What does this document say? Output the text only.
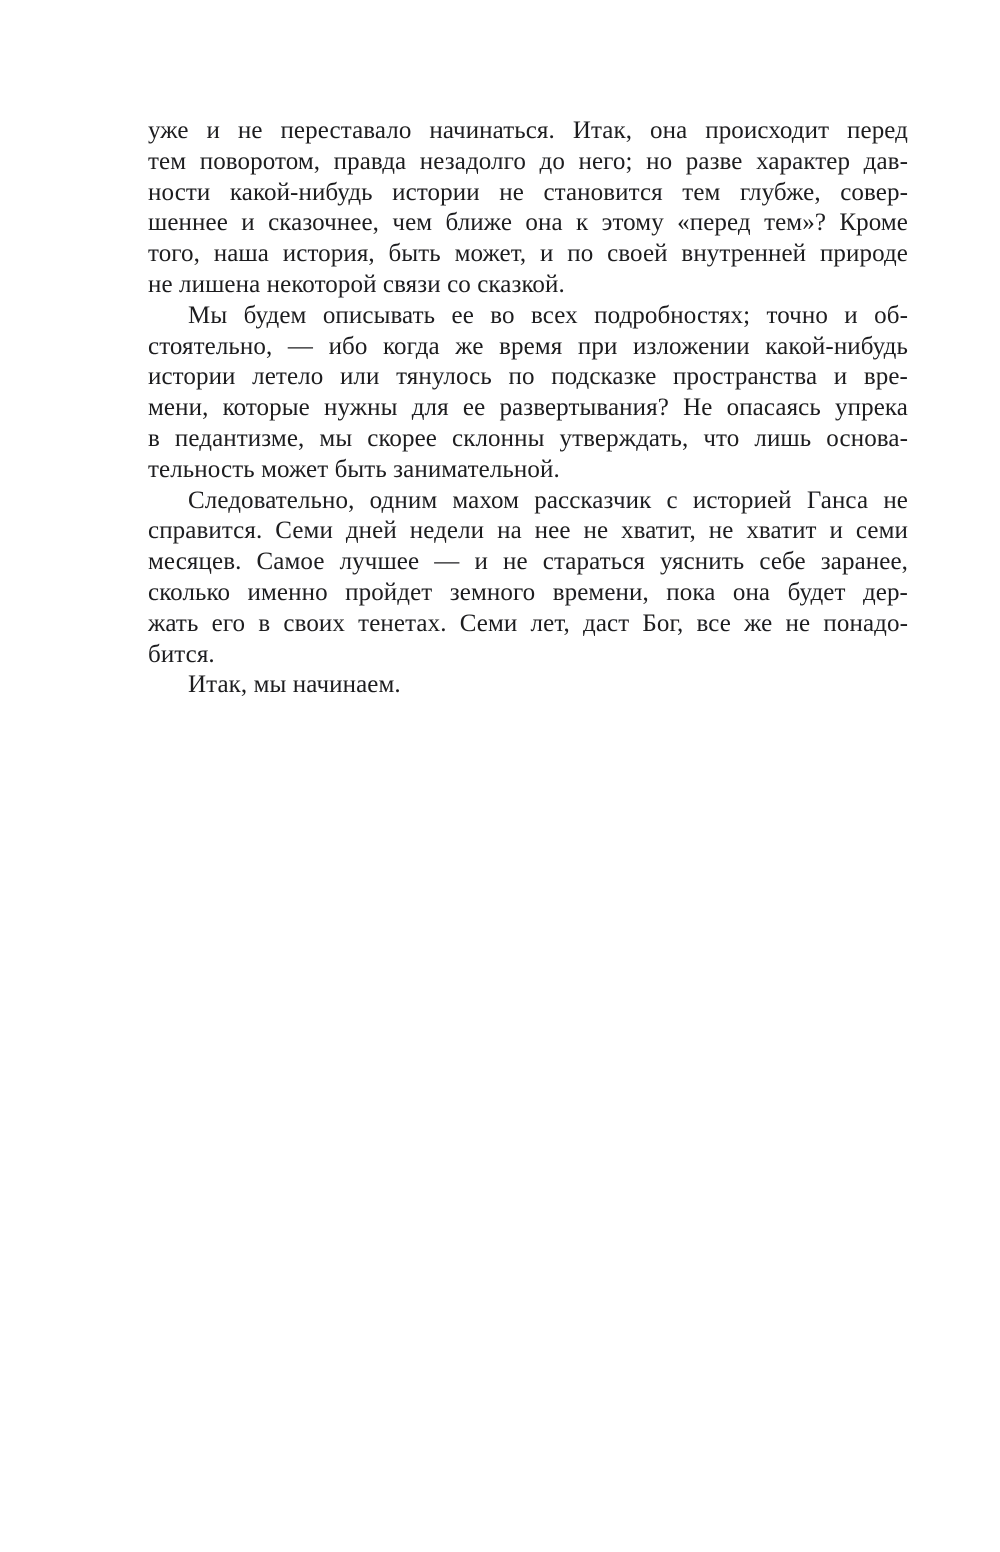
уже и не переставало начинаться. Итак, она происходит перед
тем поворотом, правда незадолго до него; но разве характер дав-
ности какой-нибудь истории не становится тем глубже, совер-
шеннее и сказочнее, чем ближе она к этому «перед тем»? Кроме
того, наша история, быть может, и по своей внутренней природе
не лишена некоторой связи со сказкой.
Мы будем описывать ее во всех подробностях; точно и об-
стоятельно, — ибо когда же время при изложении какой-нибудь
истории летело или тянулось по подсказке пространства и вре-
мени, которые нужны для ее развертывания? Не опасаясь упрека
в педантизме, мы скорее склонны утверждать, что лишь основа-
тельность может быть занимательной.
Следовательно, одним махом рассказчик с историей Ганса не
справится. Семи дней недели на нее не хватит, не хватит и семи
месяцев. Самое лучшее — и не стараться уяснить себе заранее,
сколько именно пройдет земного времени, пока она будет дер-
жать его в своих тенетах. Семи лет, даст Бог, все же не понадо-
бится.
Итак, мы начинаем.
